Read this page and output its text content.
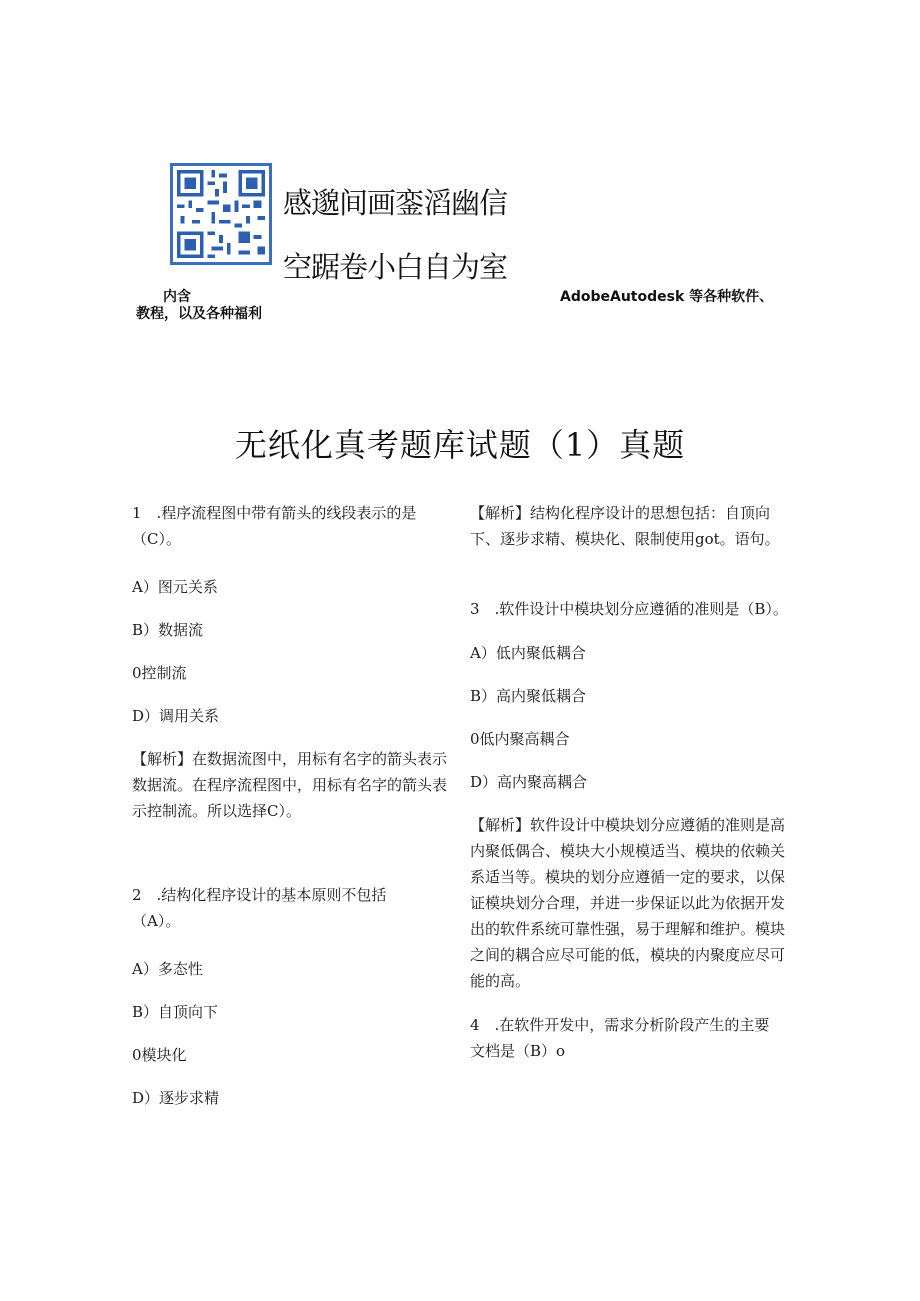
感邈间画銮滔幽信
空踞卷小白自为室
内含	AdobeAutodesk 等各种软件、
教程，以及各种福利
无纸化真考题库试题（1）真题
1　.程序流程图中带有箭头的线段表示的是
（C）。
A）图元关系
B）数据流
0控制流
D）调用关系
【解析】在数据流图中，用标有名字的箭头表示数据流。在程序流程图中，用标有名字的箭头表示控制流。所以选择C）。
2　.结构化程序设计的基本原则不包括
（A）。
A）多态性
B）自顶向下
0模块化
D）逐步求精
【解析】结构化程序设计的思想包括：自顶向下、逐步求精、模块化、限制使用got。语句。
3　.软件设计中模块划分应遵循的准则是（B）。
A）低内聚低耦合
B）高内聚低耦合
0低内聚高耦合
D）高内聚高耦合
【解析】软件设计中模块划分应遵循的准则是高内聚低偶合、模块大小规模适当、模块的依赖关系适当等。模块的划分应遵循一定的要求，以保证模块划分合理，并进一步保证以此为依据开发出的软件系统可靠性强，易于理解和维护。模块之间的耦合应尽可能的低，模块的内聚度应尽可能的高。
4　.在软件开发中，需求分析阶段产生的主要
文档是（B）o
